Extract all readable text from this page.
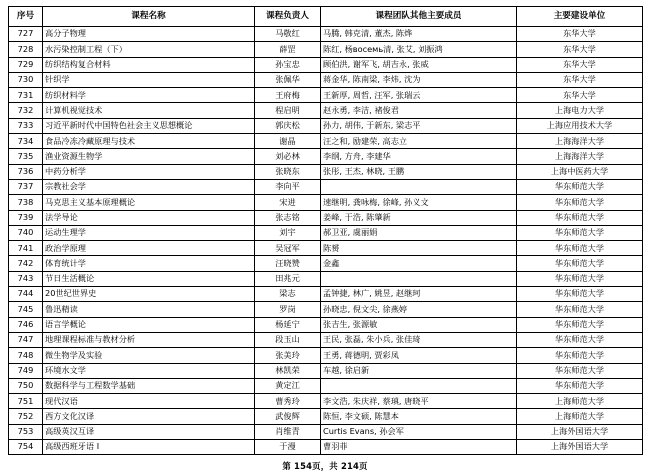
序号	课程名称	课程负责人	课程团队其他主要成员	主要建设单位
727	高分子物理	马敬红	马腾, 韩克清, 董杰, 陈烨	东华大学
728	水污染控制工程（下）	薛罡	陈红, 杨восемь清, 张艾, 刘振鸿	东华大学
729	纺织结构复合材料	孙宝忠	顾伯洪, 谢军飞, 胡吉永, 张威	东华大学
730	针织学	张佩华	蒋金华, 陈南梁, 李炜, 沈为	东华大学
731	纺织材料学	王府梅	王新厚, 周哲, 汪军, 张瑞云	东华大学
732	计算机视觉技术	程启明	赵永勇, 李洁, 褚俊君	上海电力大学
733	习近平新时代中国特色社会主义思想概论	郭庆松	孙力, 胡伟, 于新东, 梁志平	上海应用技术大学
734	食品冷冻冷藏原理与技术	谢晶	汪之和, 励建荣, 高志立	上海海洋大学
735	渔业资源生物学	刘必林	李纲, 方舟, 李建华	上海海洋大学
736	中药分析学	张晓东	张彤, 王杰, 林晓, 王鹏	上海中医药大学
737	宗教社会学	李向平		华东师范大学
738	马克思主义基本原理概论	宋进	速继明, 龚咏梅, 徐峰, 孙义文	华东师范大学
739	法学导论	张志铭	姜峰, 于浩, 陈肇新	华东师范大学
740	运动生理学	刘宇	郝卫亚, 虞丽娟	华东师范大学
741	政治学原理	吴冠军	陈赟	华东师范大学
742	体育统计学	汪晓赞	金鑫	华东师范大学
743	节日生活概论	田兆元		华东师范大学
744	20世纪世界史	梁志	孟钟捷, 林广, 姚昱, 赵继珂	华东师范大学
745	鲁迅精读	罗岗	孙晓忠, 倪文尖, 徐燕婷	华东师范大学
746	语言学概论	杨延宁	张吉生, 张源敏	华东师范大学
747	地理课程标准与教材分析	段玉山	王民, 张磊, 朱小兵, 张佳琦	华东师范大学
748	微生物学及实验	张美玲	王勇, 蒋德明, 贾彩凤	华东师范大学
749	环境水文学	林凯荣	车越, 徐启新	华东师范大学
750	数据科学与工程数学基础	黄定江		华东师范大学
751	现代汉语	曹秀玲	李文浩, 朱庆祥, 蔡瑱, 唐晓平	上海师范大学
752	西方文化汉译	武俊辉	陈恒, 李文硕, 陈慧本	上海师范大学
753	高级英汉互译	肖维青	Curtis Evans, 孙会军	上海外国语大学
754	高级西班牙语 I	于漫	曹羽菲	上海外国语大学
第 154页，共 214页
